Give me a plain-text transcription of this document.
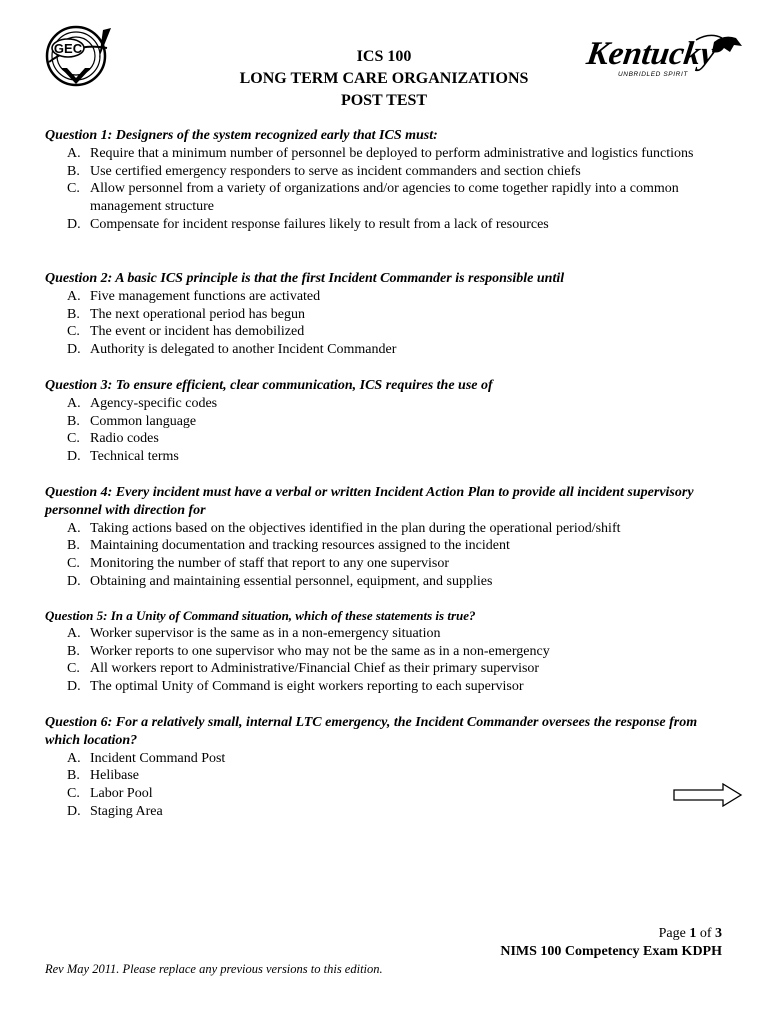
GEC	Kentucky
UNBRIDLED SPIRIT
ICS 100
LONG TERM CARE ORGANIZATIONS
POST TEST
Question 1: Designers of the system recognized early that ICS must:
A. Require that a minimum number of personnel be deployed to perform administrative and logistics functions
B. Use certified emergency responders to serve as incident commanders and section chiefs
C. Allow personnel from a variety of organizations and/or agencies to come together rapidly into a common management structure
D. Compensate for incident response failures likely to result from a lack of resources
Question 2: A basic ICS principle is that the first Incident Commander is responsible until
A. Five management functions are activated
B. The next operational period has begun
C. The event or incident has demobilized
D. Authority is delegated to another Incident Commander
Question 3: To ensure efficient, clear communication, ICS requires the use of
A. Agency-specific codes
B. Common language
C. Radio codes
D. Technical terms
Question 4: Every incident must have a verbal or written Incident Action Plan to provide all incident supervisory personnel with direction for
A. Taking actions based on the objectives identified in the plan during the operational period/shift
B. Maintaining documentation and tracking resources assigned to the incident
C. Monitoring the number of staff that report to any one supervisor
D. Obtaining and maintaining essential personnel, equipment, and supplies
Question 5: In a Unity of Command situation, which of these statements is true?
A. Worker supervisor is the same as in a non-emergency situation
B. Worker reports to one supervisor who may not be the same as in a non-emergency
C. All workers report to Administrative/Financial Chief as their primary supervisor
D. The optimal Unity of Command is eight workers reporting to each supervisor
Question 6: For a relatively small, internal LTC emergency, the Incident Commander oversees the response from which location?
A. Incident Command Post
B. Helibase
C. Labor Pool
D. Staging Area
Page 1 of 3
NIMS 100 Competency Exam KDPH
Rev May 2011. Please replace any previous versions to this edition.
